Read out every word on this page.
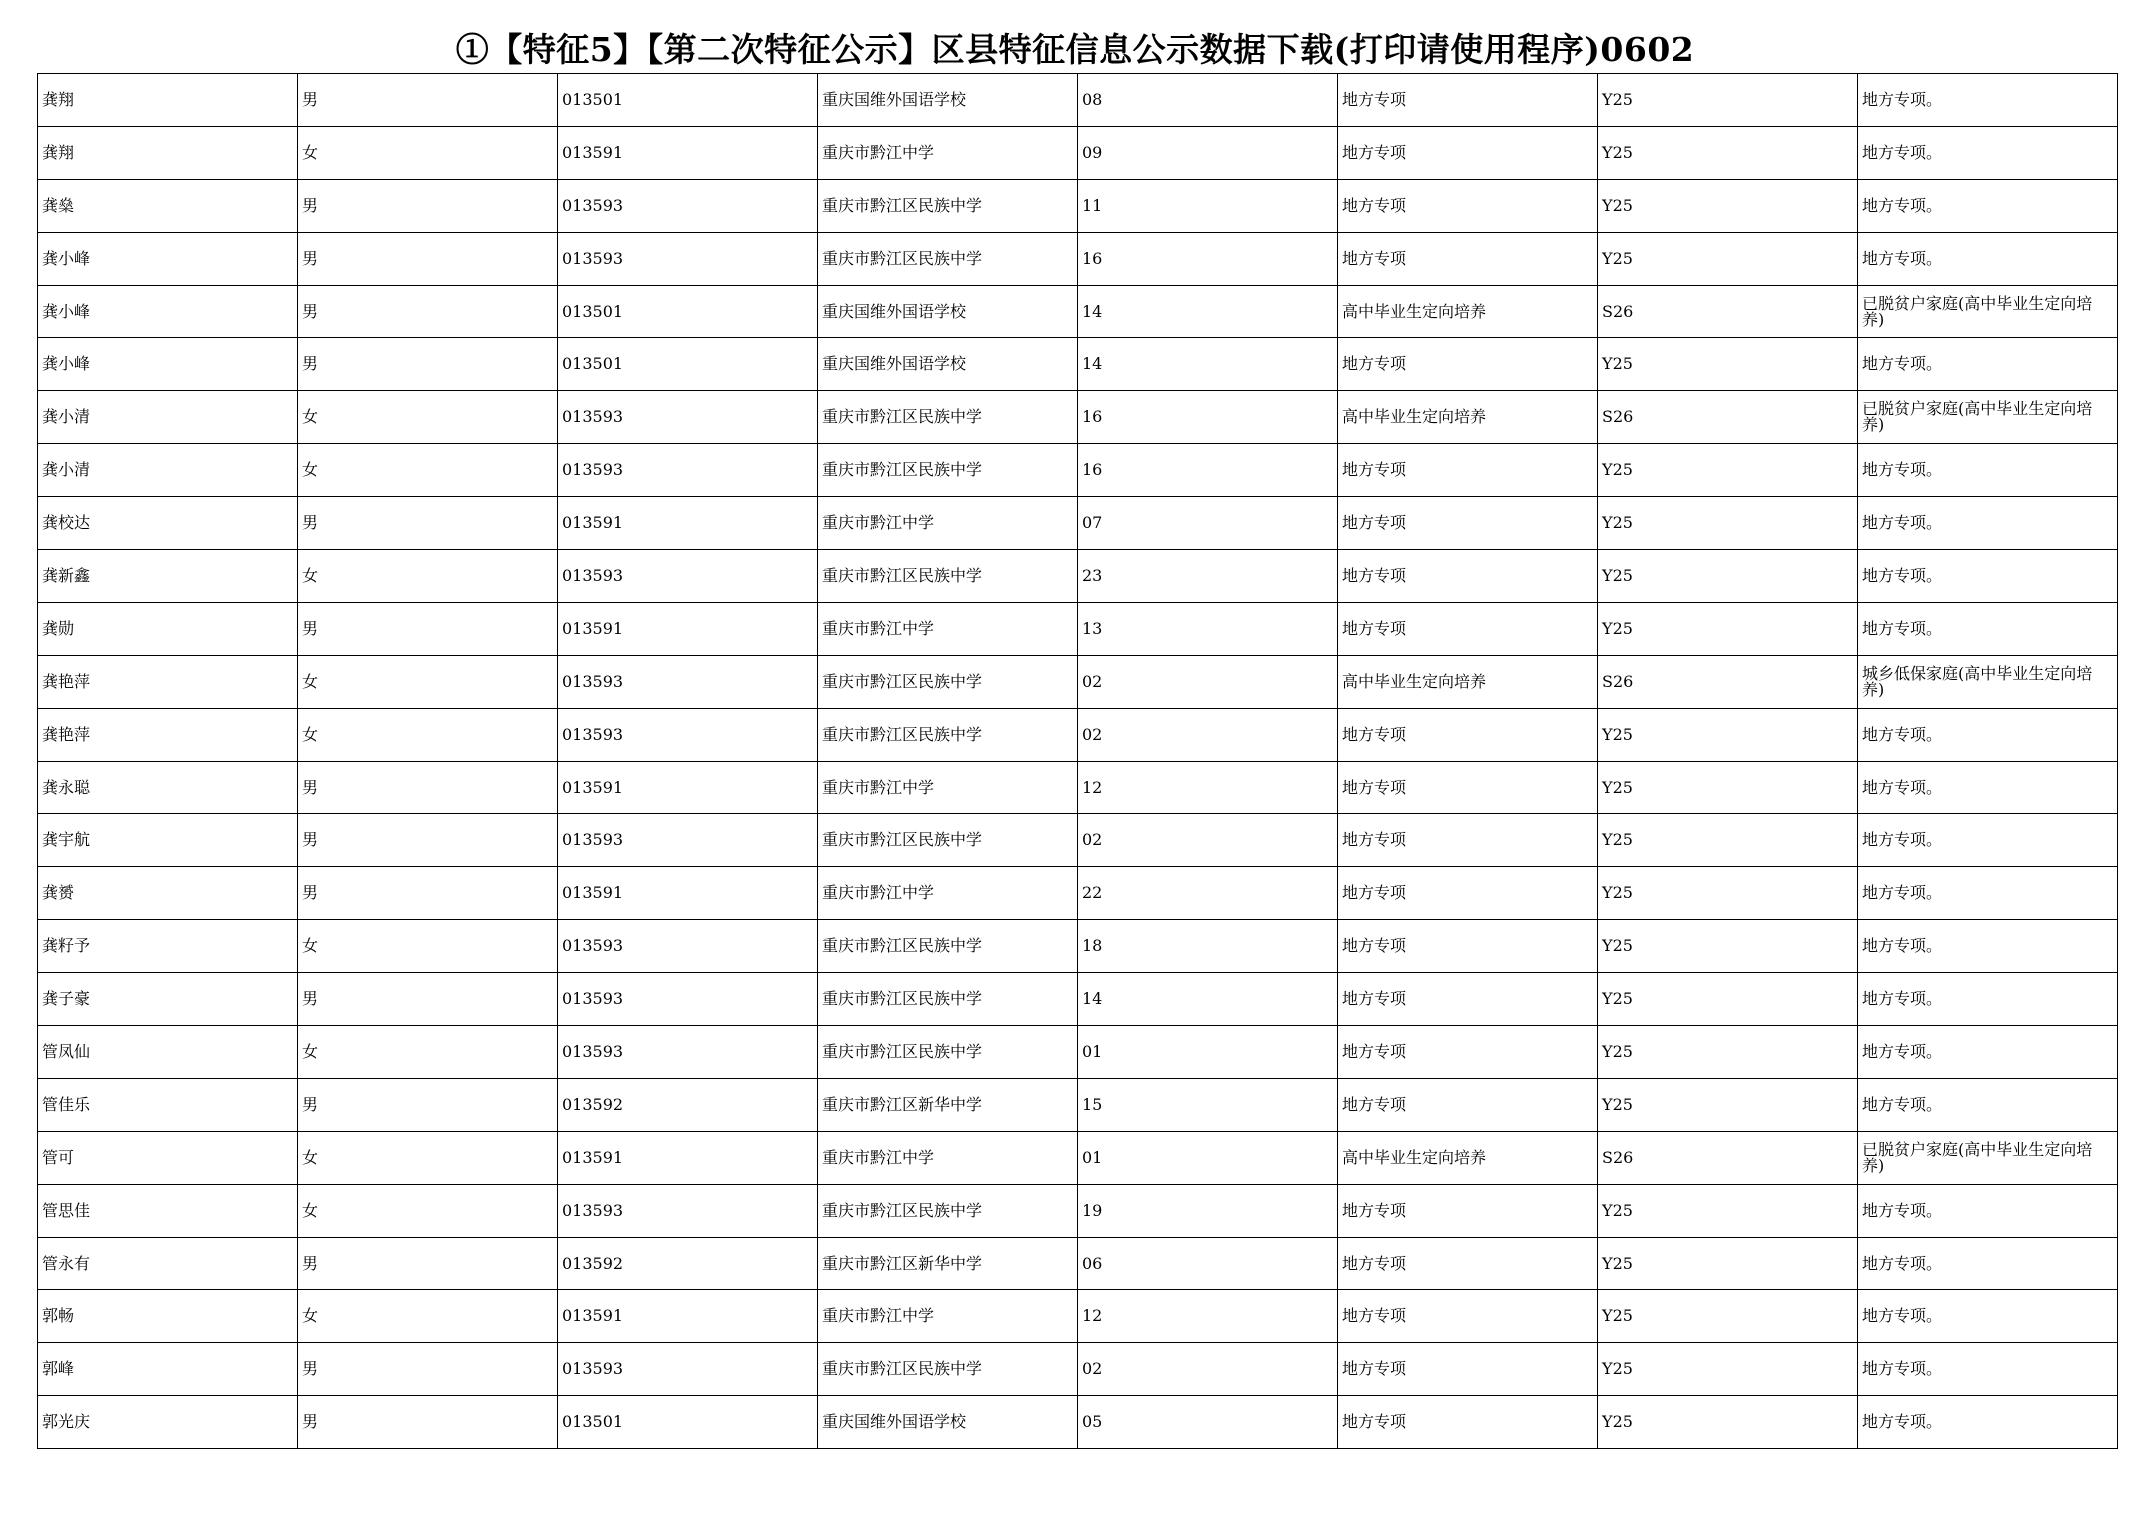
①【特征5】【第二次特征公示】区县特征信息公示数据下载(打印请使用程序)0602
龚翔	男	013501	重庆国维外国语学校	08	地方专项	Y25	地方专项。
龚翔	女	013591	重庆市黔江中学	09	地方专项	Y25	地方专项。
龚燊	男	013593	重庆市黔江区民族中学	11	地方专项	Y25	地方专项。
龚小峰	男	013593	重庆市黔江区民族中学	16	地方专项	Y25	地方专项。
龚小峰	男	013501	重庆国维外国语学校	14	高中毕业生定向培养	S26	已脱贫户家庭(高中毕业生定向培养)
龚小峰	男	013501	重庆国维外国语学校	14	地方专项	Y25	地方专项。
龚小清	女	013593	重庆市黔江区民族中学	16	高中毕业生定向培养	S26	已脱贫户家庭(高中毕业生定向培养)
龚小清	女	013593	重庆市黔江区民族中学	16	地方专项	Y25	地方专项。
龚校达	男	013591	重庆市黔江中学	07	地方专项	Y25	地方专项。
龚新鑫	女	013593	重庆市黔江区民族中学	23	地方专项	Y25	地方专项。
龚勋	男	013591	重庆市黔江中学	13	地方专项	Y25	地方专项。
龚艳萍	女	013593	重庆市黔江区民族中学	02	高中毕业生定向培养	S26	城乡低保家庭(高中毕业生定向培养)
龚艳萍	女	013593	重庆市黔江区民族中学	02	地方专项	Y25	地方专项。
龚永聪	男	013591	重庆市黔江中学	12	地方专项	Y25	地方专项。
龚宇航	男	013593	重庆市黔江区民族中学	02	地方专项	Y25	地方专项。
龚赟	男	013591	重庆市黔江中学	22	地方专项	Y25	地方专项。
龚籽予	女	013593	重庆市黔江区民族中学	18	地方专项	Y25	地方专项。
龚子豪	男	013593	重庆市黔江区民族中学	14	地方专项	Y25	地方专项。
管凤仙	女	013593	重庆市黔江区民族中学	01	地方专项	Y25	地方专项。
管佳乐	男	013592	重庆市黔江区新华中学	15	地方专项	Y25	地方专项。
管可	女	013591	重庆市黔江中学	01	高中毕业生定向培养	S26	已脱贫户家庭(高中毕业生定向培养)
管思佳	女	013593	重庆市黔江区民族中学	19	地方专项	Y25	地方专项。
管永有	男	013592	重庆市黔江区新华中学	06	地方专项	Y25	地方专项。
郭畅	女	013591	重庆市黔江中学	12	地方专项	Y25	地方专项。
郭峰	男	013593	重庆市黔江区民族中学	02	地方专项	Y25	地方专项。
郭光庆	男	013501	重庆国维外国语学校	05	地方专项	Y25	地方专项。
